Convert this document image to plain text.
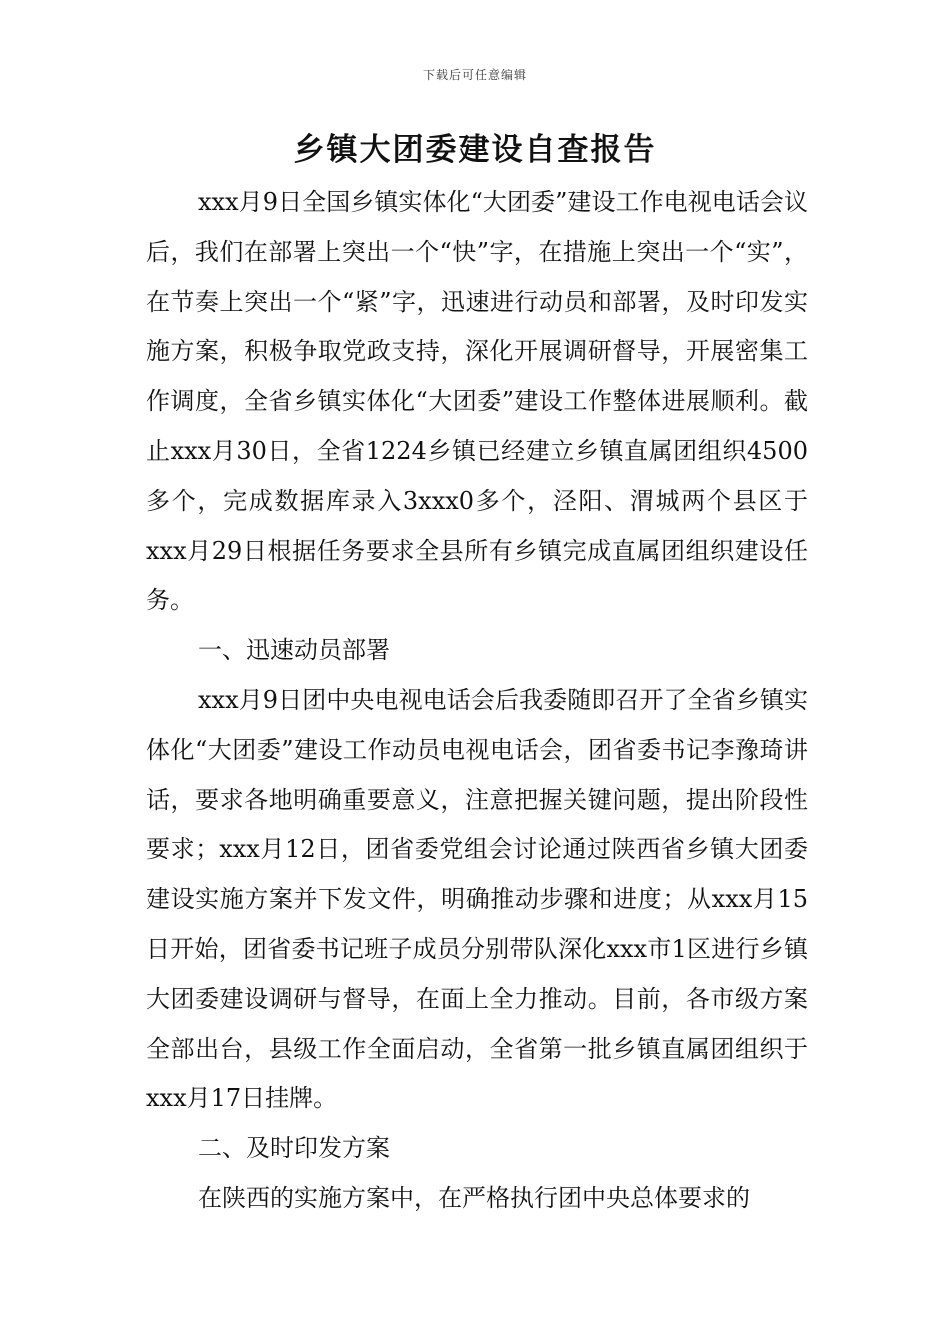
下载后可任意编辑
乡镇大团委建设自查报告

xxx月9日全国乡镇实体化“大团委”建设工作电视电话会议后，我们在部署上突出一个“快”字，在措施上突出一个“实”，在节奏上突出一个“紧”字，迅速进行动员和部署，及时印发实施方案，积极争取党政支持，深化开展调研督导，开展密集工作调度，全省乡镇实体化“大团委”建设工作整体进展顺利。截止xxx月30日，全省1224乡镇已经建立乡镇直属团组织4500多个，完成数据库录入3xxx0多个，泾阳、渭城两个县区于xxx月29日根据任务要求全县所有乡镇完成直属团组织建设任务。

一、迅速动员部署

xxx月9日团中央电视电话会后我委随即召开了全省乡镇实体化“大团委”建设工作动员电视电话会，团省委书记李豫琦讲话，要求各地明确重要意义，注意把握关键问题，提出阶段性要求；xxx月12日，团省委党组会讨论通过陕西省乡镇大团委建设实施方案并下发文件，明确推动步骤和进度；从xxx月15日开始，团省委书记班子成员分别带队深化xxx市1区进行乡镇大团委建设调研与督导，在面上全力推动。目前，各市级方案全部出台，县级工作全面启动，全省第一批乡镇直属团组织于xxx月17日挂牌。

二、及时印发方案

在陕西的实施方案中，在严格执行团中央总体要求的
